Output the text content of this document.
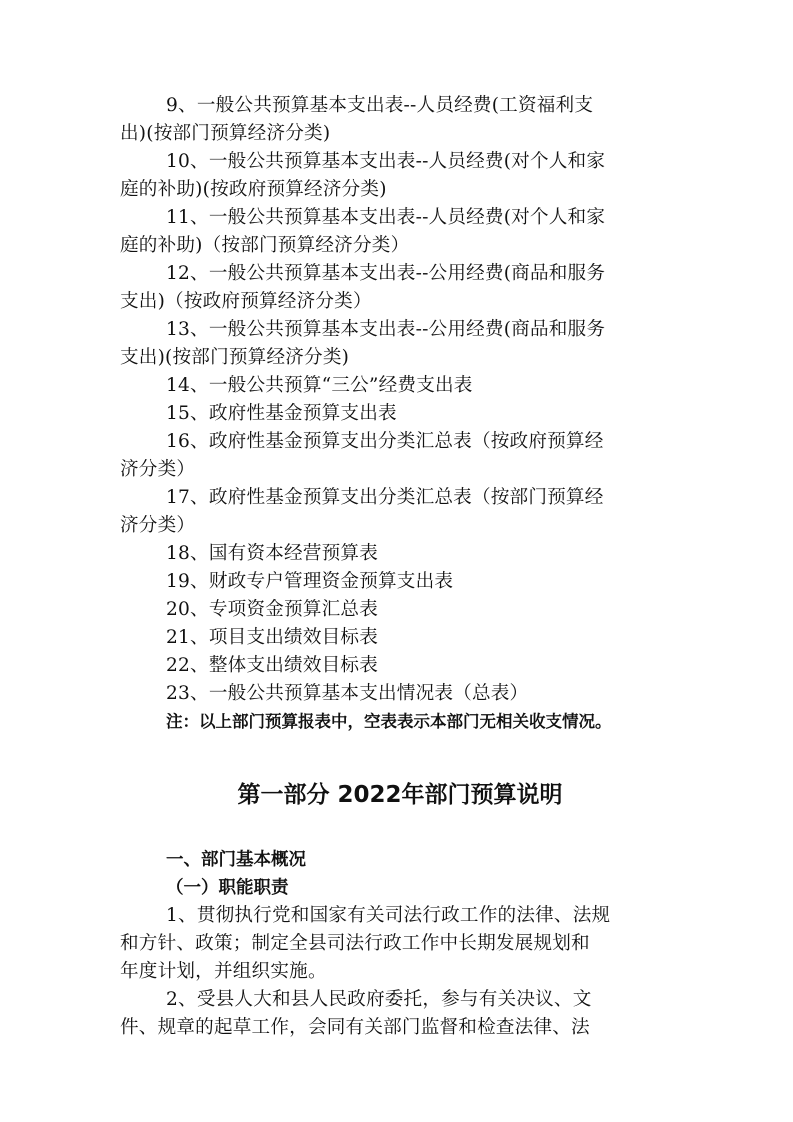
9、一般公共预算基本支出表--人员经费(工资福利支
出)(按部门预算经济分类)
10、一般公共预算基本支出表--人员经费(对个人和家
庭的补助)(按政府预算经济分类)
11、一般公共预算基本支出表--人员经费(对个人和家
庭的补助)（按部门预算经济分类）
12、一般公共预算基本支出表--公用经费(商品和服务
支出)（按政府预算经济分类）
13、一般公共预算基本支出表--公用经费(商品和服务
支出)(按部门预算经济分类)
14、一般公共预算“三公”经费支出表
15、政府性基金预算支出表
16、政府性基金预算支出分类汇总表（按政府预算经
济分类）
17、政府性基金预算支出分类汇总表（按部门预算经
济分类）
18、国有资本经营预算表
19、财政专户管理资金预算支出表
20、专项资金预算汇总表
21、项目支出绩效目标表
22、整体支出绩效目标表
23、一般公共预算基本支出情况表（总表）
注：以上部门预算报表中，空表表示本部门无相关收支情况。
第一部分 2022年部门预算说明
一、部门基本概况
（一）职能职责
1、贯彻执行党和国家有关司法行政工作的法律、法规
和方针、政策；制定全县司法行政工作中长期发展规划和
年度计划，并组织实施。
2、受县人大和县人民政府委托，参与有关决议、文
件、规章的起草工作，会同有关部门监督和检查法律、法
